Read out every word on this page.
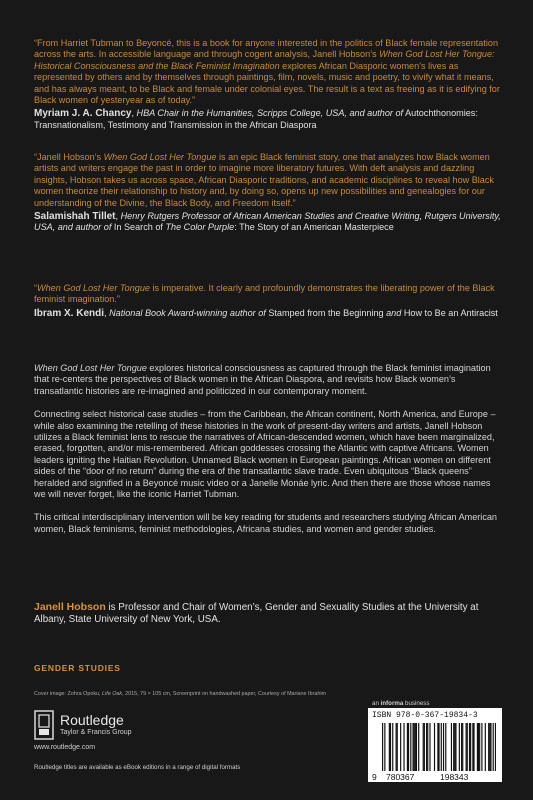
“From Harriet Tubman to Beyoncé, this is a book for anyone interested in the politics of Black female representation across the arts. In accessible language and through cogent analysis, Janell Hobson’s When God Lost Her Tongue: Historical Consciousness and the Black Feminist Imagination explores African Diasporic women’s lives as represented by others and by themselves through paintings, film, novels, music and poetry, to vivify what it means, and has always meant, to be Black and female under colonial eyes. The result is a text as freeing as it is edifying for Black women of yesteryear as of today.”

Myriam J. A. Chancy, HBA Chair in the Humanities, Scripps College, USA, and author of Autochthonomies: Transnationalism, Testimony and Transmission in the African Diaspora

“Janell Hobson’s When God Lost Her Tongue is an epic Black feminist story, one that analyzes how Black women artists and writers engage the past in order to imagine more liberatory futures. With deft analysis and dazzling insights, Hobson takes us across space, African Diasporic traditions, and academic disciplines to reveal how Black women theorize their relationship to history and, by doing so, opens up new possibilities and genealogies for our understanding of the Divine, the Black Body, and Freedom itself.”

Salamishah Tillet, Henry Rutgers Professor of African American Studies and Creative Writing, Rutgers University, USA, and author of In Search of The Color Purple: The Story of an American Masterpiece

“When God Lost Her Tongue is imperative. It clearly and profoundly demonstrates the liberating power of the Black feminist imagination.”

Ibram X. Kendi, National Book Award-winning author of Stamped from the Beginning and How to Be an Antiracist

When God Lost Her Tongue explores historical consciousness as captured through the Black feminist imagination that re-centers the perspectives of Black women in the African Diaspora, and revisits how Black women’s transatlantic histories are re-imagined and politicized in our contemporary moment.

Connecting select historical case studies – from the Caribbean, the African continent, North America, and Europe – while also examining the retelling of these histories in the work of present-day writers and artists, Janell Hobson utilizes a Black feminist lens to rescue the narratives of African-descended women, which have been marginalized, erased, forgotten, and/or mis-remembered. African goddesses crossing the Atlantic with captive Africans. Women leaders igniting the Haitian Revolution. Unnamed Black women in European paintings. African women on different sides of the “door of no return” during the era of the transatlantic slave trade. Even ubiquitous “Black queens” heralded and signified in a Beyoncé music video or a Janelle Monáe lyric. And then there are those whose names we will never forget, like the iconic Harriet Tubman.

This critical interdisciplinary intervention will be key reading for students and researchers studying African American women, Black feminisms, feminist methodologies, Africana studies, and women and gender studies.

Janell Hobson is Professor and Chair of Women’s, Gender and Sexuality Studies at the University at Albany, State University of New York, USA.

GENDER STUDIES
Cover image: Zohra Opoku, Life Oak, 2015, 79 × 105 cm, Screenprint on handwashed paper, Courtesy of Mariane Ibrahim
Routledge
Taylor & Francis Group
www.routledge.com
an informa business
ISBN 978-0-367-19834-3
9 780367	198343
Routledge titles are available as eBook editions in a range of digital formats
